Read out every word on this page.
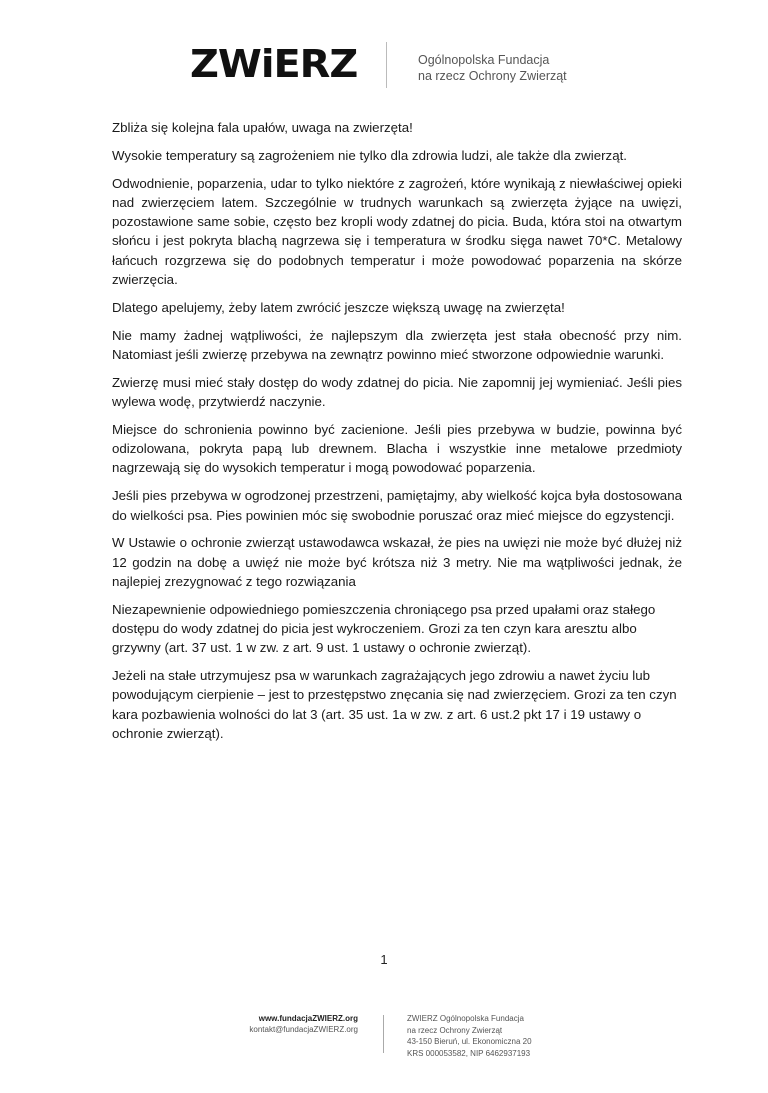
ZWiERZ	Ogólnopolska Fundacja
na rzecz Ochrony Zwierząt

Zbliża się kolejna fala upałów, uwaga na zwierzęta!

Wysokie temperatury są zagrożeniem nie tylko dla zdrowia ludzi, ale także dla zwierząt.

Odwodnienie, poparzenia, udar to tylko niektóre z zagrożeń, które wynikają z niewłaściwej opieki nad zwierzęciem latem. Szczególnie w trudnych warunkach są zwierzęta żyjące na uwięzi, pozostawione same sobie, często bez kropli wody zdatnej do picia. Buda, która stoi na otwartym słońcu i jest pokryta blachą nagrzewa się i temperatura w środku sięga nawet 70*C. Metalowy łańcuch rozgrzewa się do podobnych temperatur i może powodować poparzenia na skórze zwierzęcia.

Dlatego apelujemy, żeby latem zwrócić jeszcze większą uwagę na zwierzęta!

Nie mamy żadnej wątpliwości, że najlepszym dla zwierzęta jest stała obecność przy nim. Natomiast jeśli zwierzę przebywa na zewnątrz powinno mieć stworzone odpowiednie warunki.

Zwierzę musi mieć stały dostęp do wody zdatnej do picia. Nie zapomnij jej wymieniać. Jeśli pies wylewa wodę, przytwierdź naczynie.

Miejsce do schronienia powinno być zacienione. Jeśli pies przebywa w budzie, powinna być odizolowana, pokryta papą lub drewnem. Blacha i wszystkie inne metalowe przedmioty nagrzewają się do wysokich temperatur i mogą powodować poparzenia.

Jeśli pies przebywa w ogrodzonej przestrzeni, pamiętajmy, aby wielkość kojca była dostosowana do wielkości psa. Pies powinien móc się swobodnie poruszać oraz mieć miejsce do egzystencji.

W Ustawie o ochronie zwierząt ustawodawca wskazał, że pies na uwięzi nie może być dłużej niż 12 godzin na dobę a uwięź nie może być krótsza niż 3 metry. Nie ma wątpliwości jednak, że najlepiej zrezygnować z tego rozwiązania

Niezapewnienie odpowiedniego pomieszczenia chroniącego psa przed upałami oraz stałego dostępu do wody zdatnej do picia jest wykroczeniem. Grozi za ten czyn kara aresztu albo grzywny (art. 37 ust. 1 w zw. z art. 9 ust. 1 ustawy o ochronie zwierząt).

Jeżeli na stałe utrzymujesz psa w warunkach zagrażających jego zdrowiu a nawet życiu lub powodującym cierpienie – jest to przestępstwo znęcania się nad zwierzęciem. Grozi za ten czyn kara pozbawienia wolności do lat 3 (art. 35 ust. 1a w zw. z art. 6 ust.2 pkt 17 i 19 ustawy o ochronie zwierząt).

1
www.fundacjaZWIERZ.org
kontakt@fundacjaZWIERZ.org
ZWIERZ Ogólnopolska Fundacja
na rzecz Ochrony Zwierząt
43-150 Bieruń, ul. Ekonomiczna 20
KRS 000053582, NIP 6462937193
